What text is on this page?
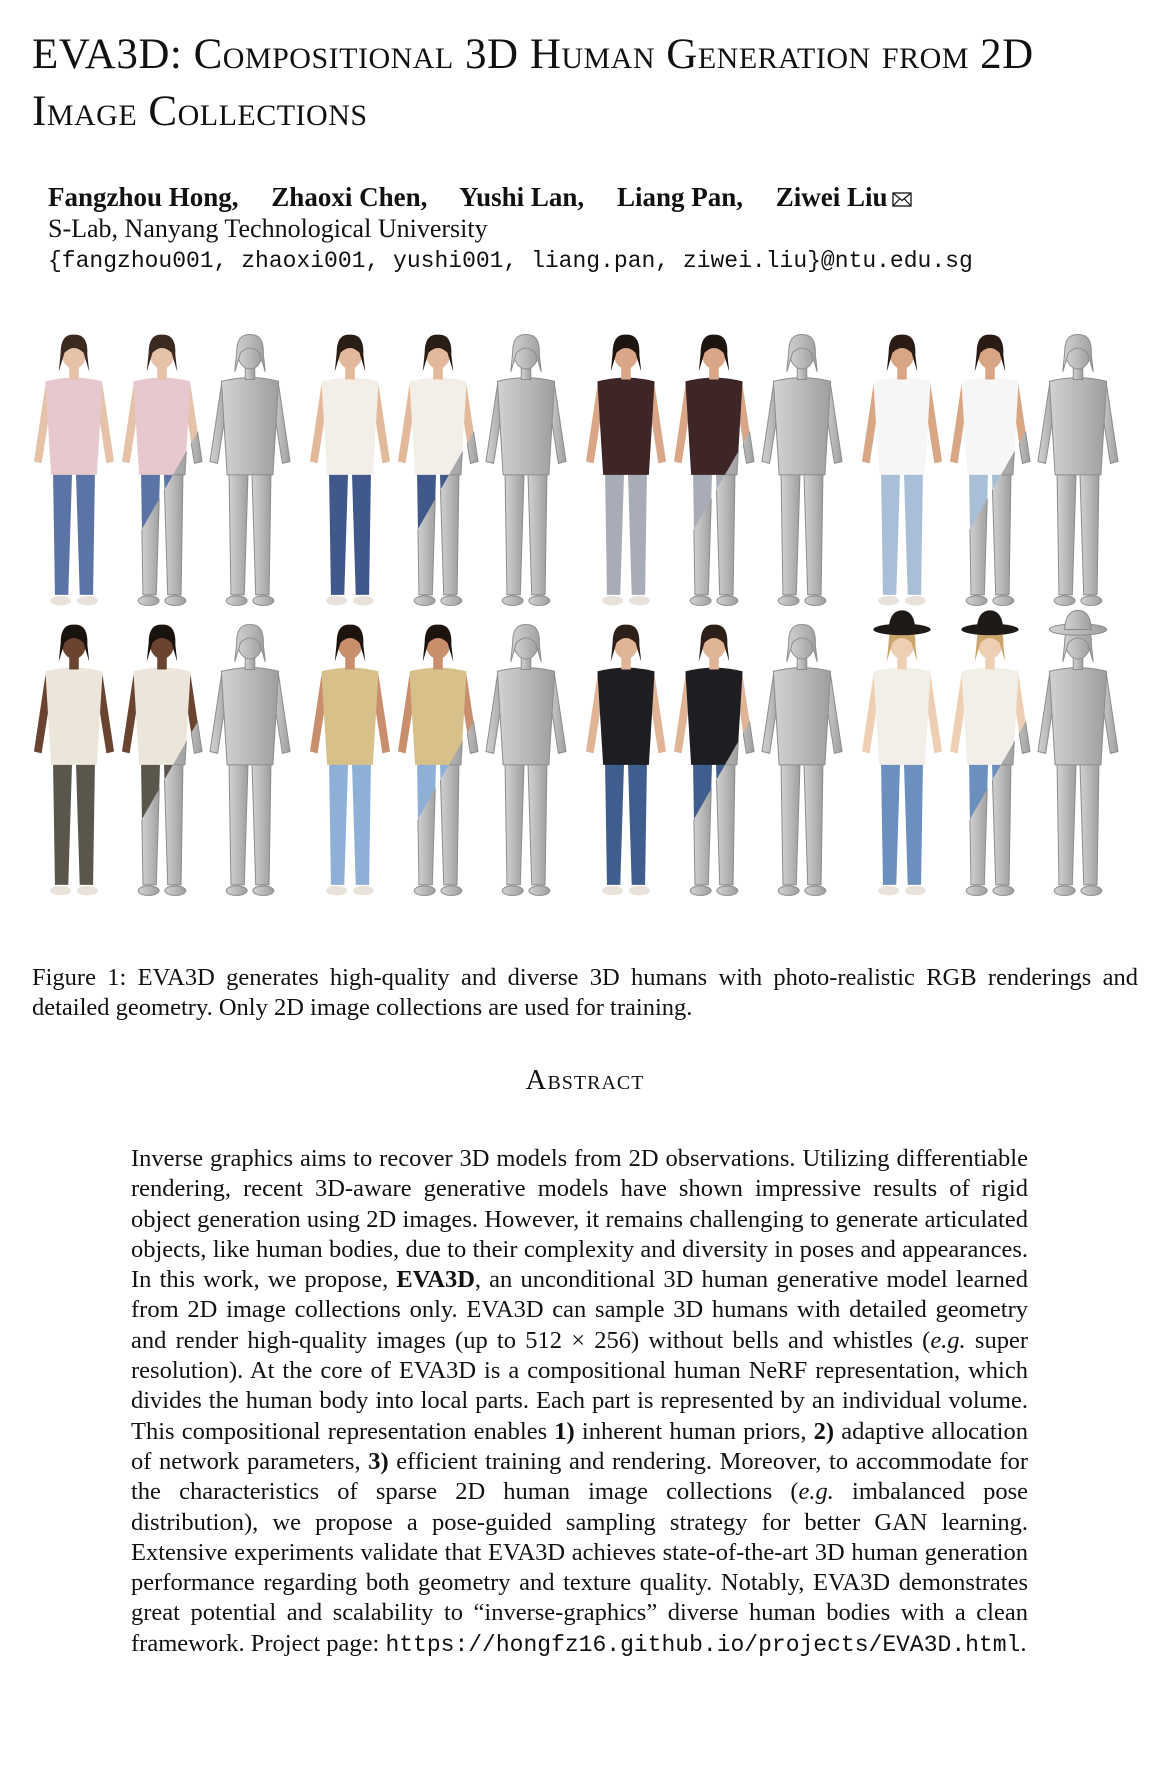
EVA3D: Compositional 3D Human Generation from 2D Image Collections
Fangzhou Hong, Zhaoxi Chen, Yushi Lan, Liang Pan, Ziwei Liu
S-Lab, Nanyang Technological University
{fangzhou001, zhaoxi001, yushi001, liang.pan, ziwei.liu}@ntu.edu.sg
Figure 1: EVA3D generates high-quality and diverse 3D humans with photo-realistic RGB renderings and detailed geometry. Only 2D image collections are used for training.
Abstract
Inverse graphics aims to recover 3D models from 2D observations. Utilizing differentiable rendering, recent 3D-aware generative models have shown impressive results of rigid object generation using 2D images. However, it remains challenging to generate articulated objects, like human bodies, due to their complexity and diversity in poses and appearances. In this work, we propose, EVA3D, an unconditional 3D human generative model learned from 2D image collections only. EVA3D can sample 3D humans with detailed geometry and render high-quality images (up to 512 × 256) without bells and whistles (e.g. super resolution). At the core of EVA3D is a compositional human NeRF representation, which divides the human body into local parts. Each part is represented by an individual volume. This compositional representation enables 1) inherent human priors, 2) adaptive allocation of network parameters, 3) efficient training and rendering. Moreover, to accommodate for the characteristics of sparse 2D human image collections (e.g. imbalanced pose distribution), we propose a pose-guided sampling strategy for better GAN learning. Extensive experiments validate that EVA3D achieves state-of-the-art 3D human generation performance regarding both geometry and texture quality. Notably, EVA3D demonstrates great potential and scalability to “inverse-graphics” diverse human bodies with a clean framework. Project page: https://hongfz16.github.io/projects/EVA3D.html.
